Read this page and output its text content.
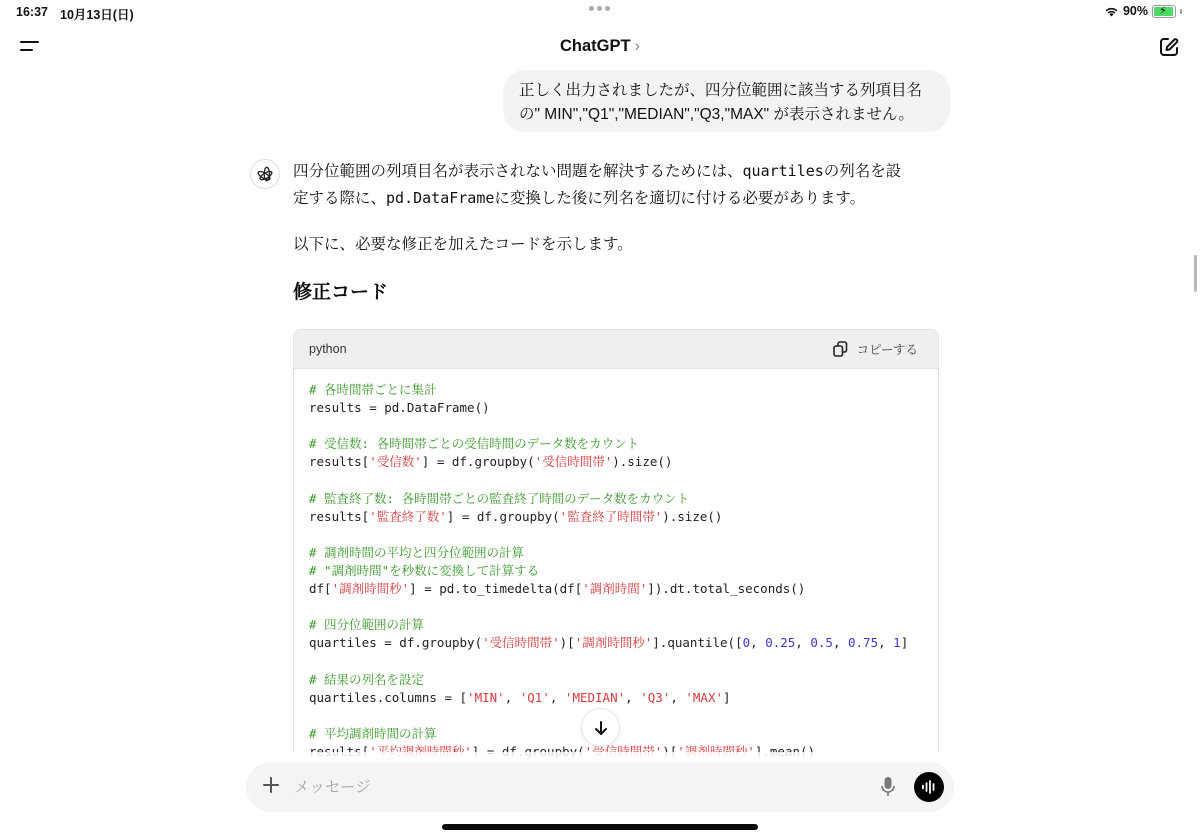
16:37 10月13日(日)	90% ⚡
ChatGPT ›
正しく出力されましたが、四分位範囲に該当する列項目名
の" MIN","Q1","MEDIAN","Q3,"MAX" が表示されません。
四分位範囲の列項目名が表示されない問題を解決するためには、quartilesの列名を設
定する際に、pd.DataFrameに変換した後に列名を適切に付ける必要があります。
以下に、必要な修正を加えたコードを示します。
修正コード
python	コピーする
# 各時間帯ごとに集計
results = pd.DataFrame()

# 受信数: 各時間帯ごとの受信時間のデータ数をカウント
results['受信数'] = df.groupby('受信時間帯').size()

# 監査終了数: 各時間帯ごとの監査終了時間のデータ数をカウント
results['監査終了数'] = df.groupby('監査終了時間帯').size()

# 調剤時間の平均と四分位範囲の計算
# "調剤時間"を秒数に変換して計算する
df['調剤時間秒'] = pd.to_timedelta(df['調剤時間']).dt.total_seconds()

# 四分位範囲の計算
quartiles = df.groupby('受信時間帯')['調剤時間秒'].quantile([0, 0.25, 0.5, 0.75, 1]

# 結果の列名を設定
quartiles.columns = ['MIN', 'Q1', 'MEDIAN', 'Q3', 'MAX']

# 平均調剤時間の計算
メッセージ
